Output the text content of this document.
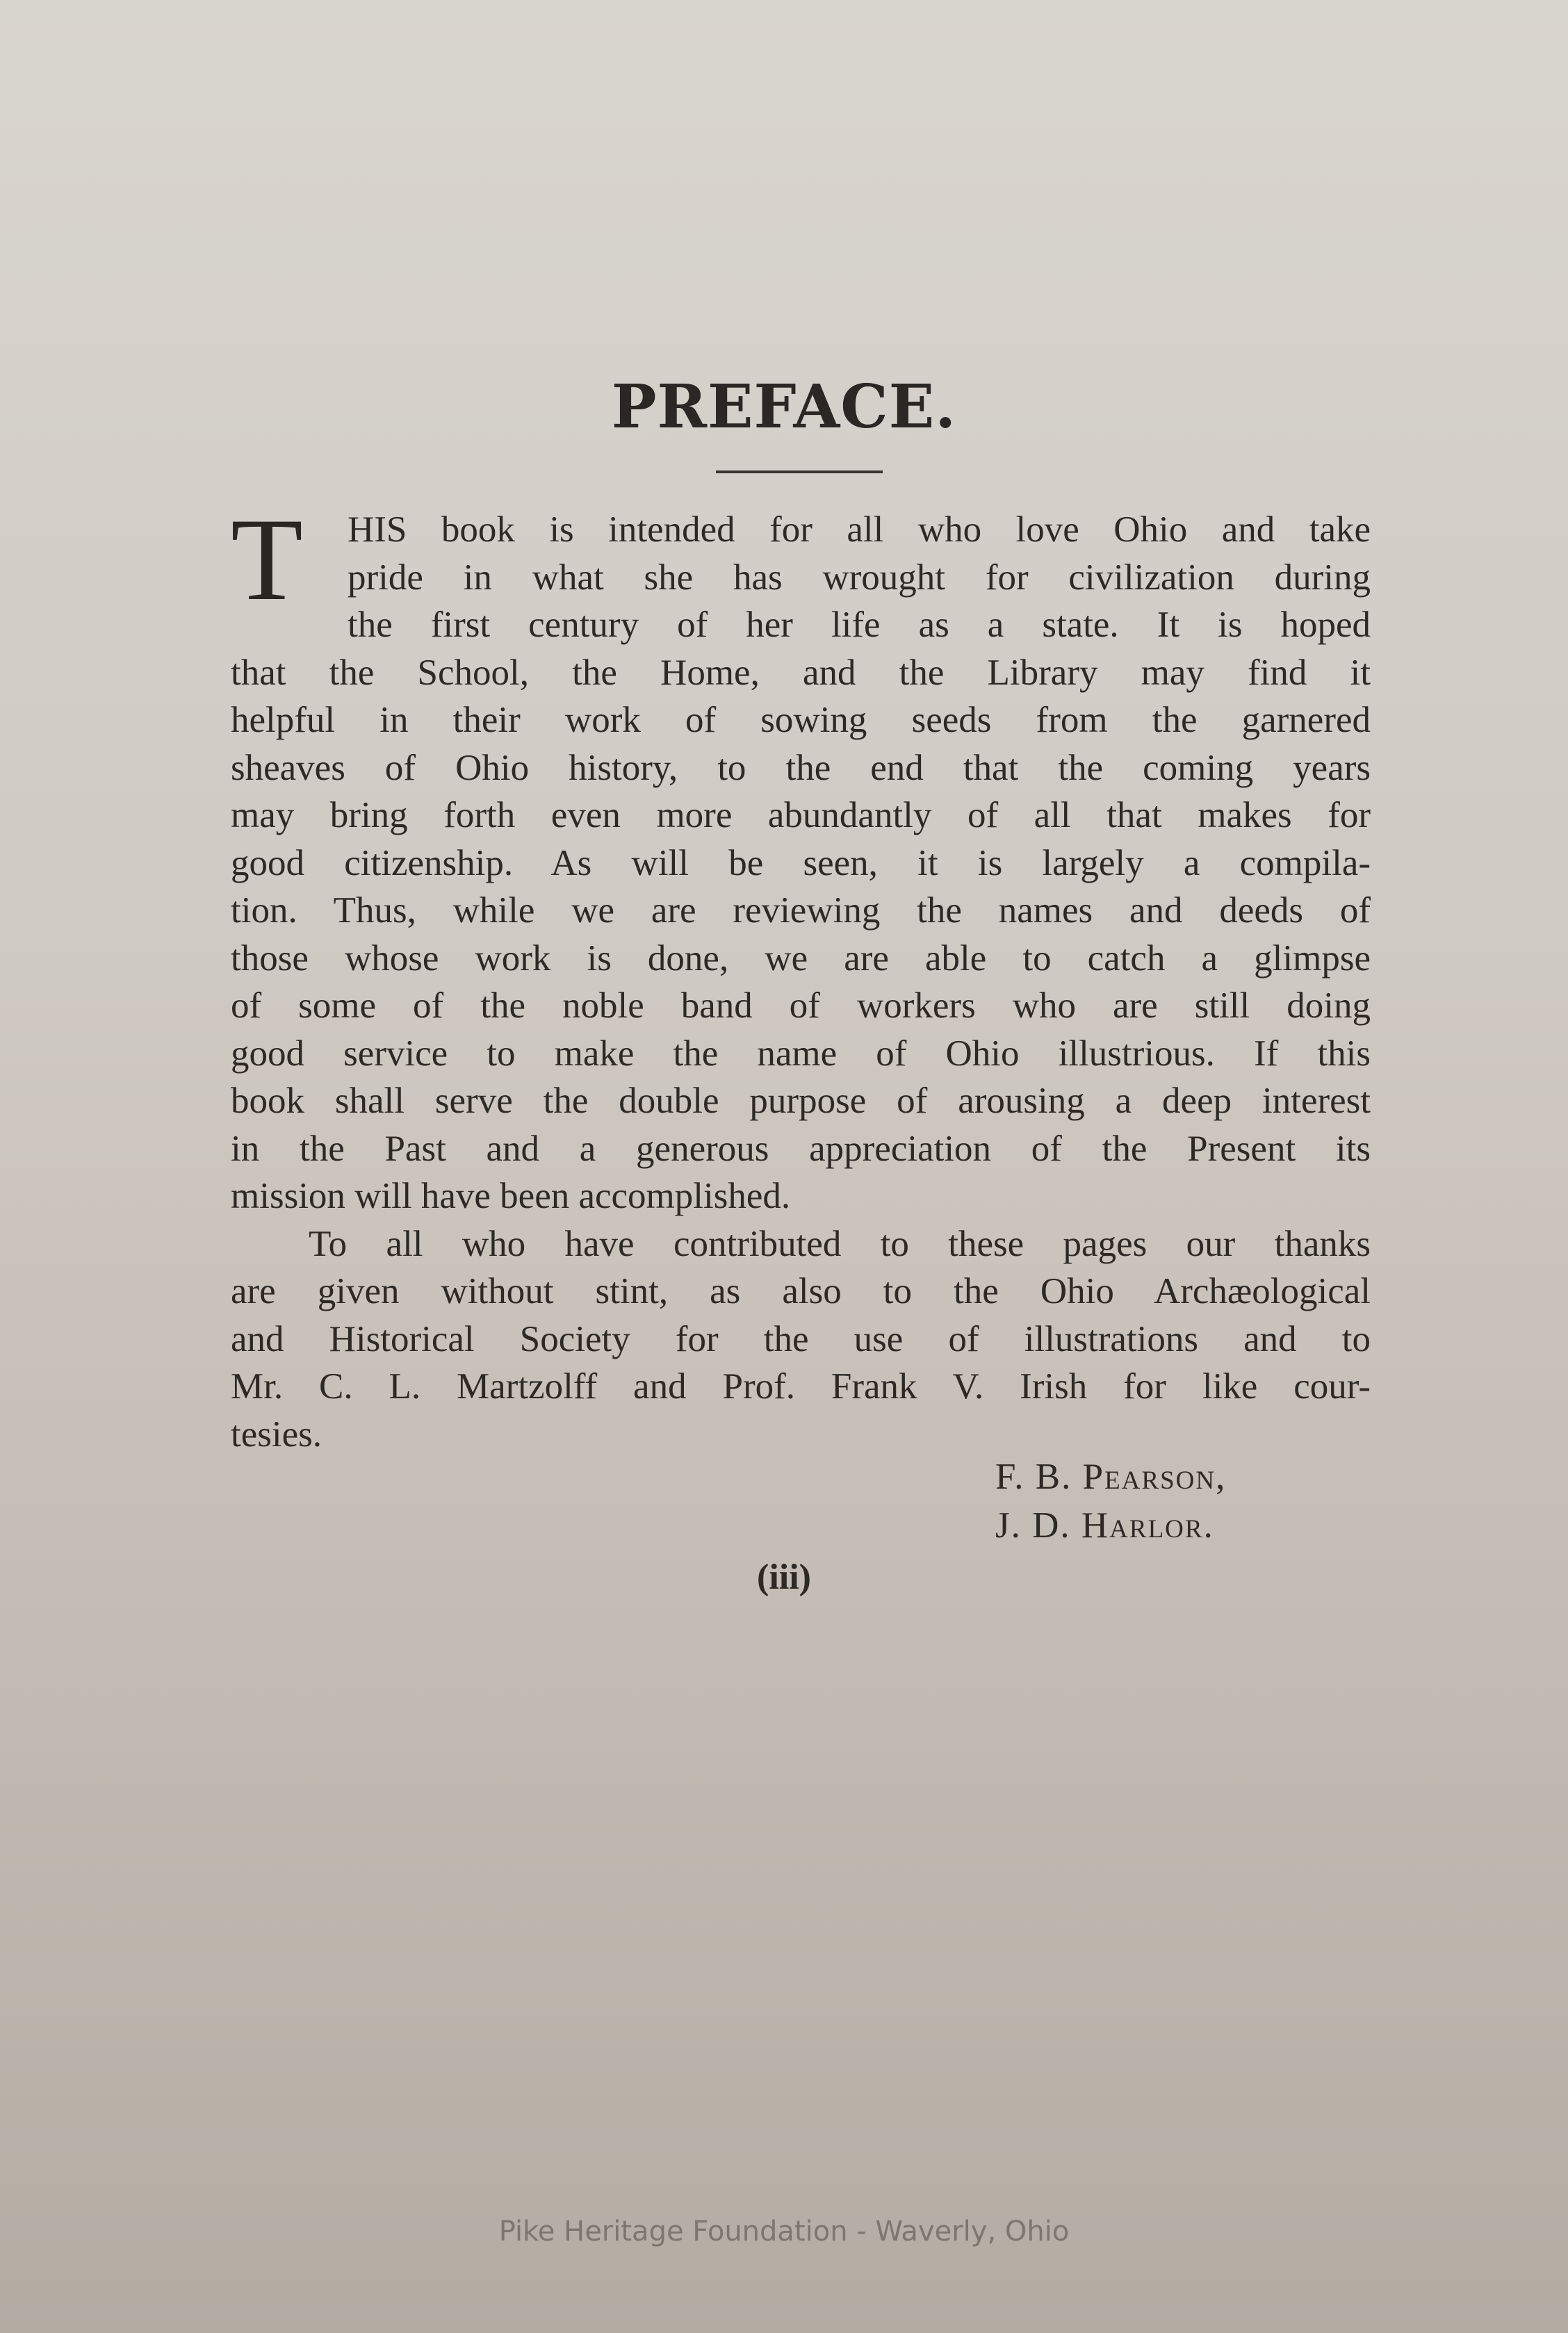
PREFACE.
T HIS book is intended for all who love Ohio and take
pride in what she has wrought for civilization during
the first century of her life as a state. It is hoped
that the School, the Home, and the Library may find it
helpful in their work of sowing seeds from the garnered
sheaves of Ohio history, to the end that the coming years
may bring forth even more abundantly of all that makes for
good citizenship. As will be seen, it is largely a compila-
tion. Thus, while we are reviewing the names and deeds of
those whose work is done, we are able to catch a glimpse
of some of the noble band of workers who are still doing
good service to make the name of Ohio illustrious. If this
book shall serve the double purpose of arousing a deep interest
in the Past and a generous appreciation of the Present its
mission will have been accomplished.
To all who have contributed to these pages our thanks
are given without stint, as also to the Ohio Archæological
and Historical Society for the use of illustrations and to
Mr. C. L. Martzolff and Prof. Frank V. Irish for like cour-
tesies.
F. B. Pearson,
J. D. Harlor.
(iii)
Pike Heritage Foundation - Waverly, Ohio
